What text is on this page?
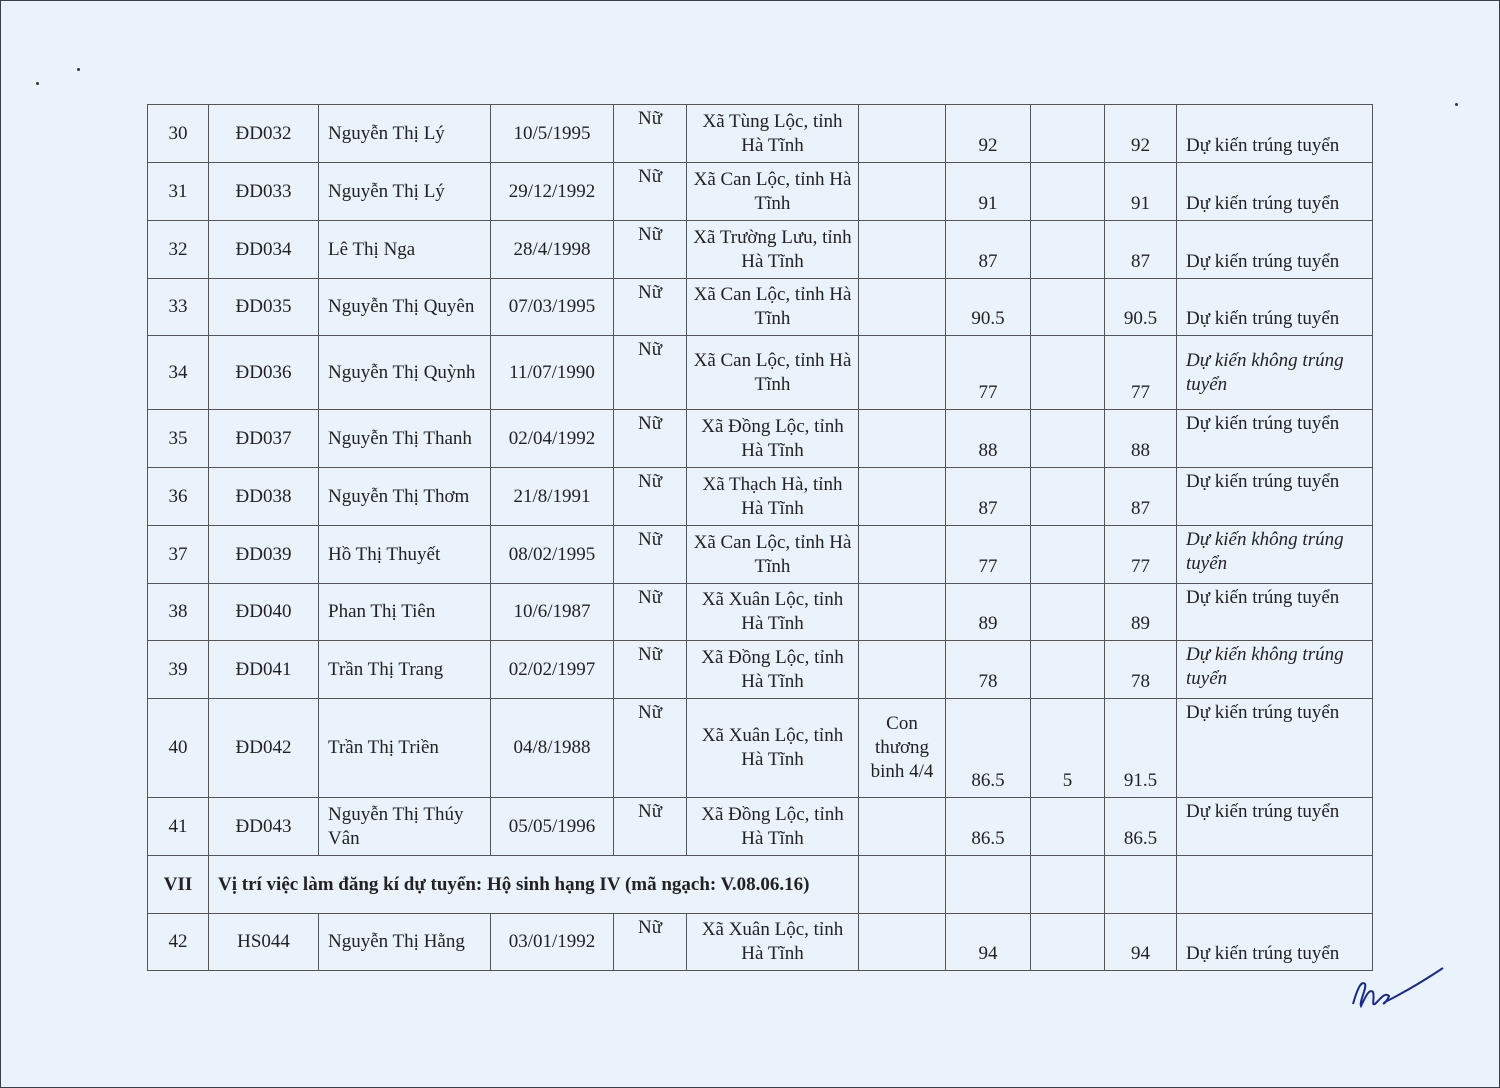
30	ĐD032	Nguyễn Thị Lý	10/5/1995	Nữ	Xã Tùng Lộc, tỉnh Hà Tĩnh		92		92	Dự kiến trúng tuyển
31	ĐD033	Nguyễn Thị Lý	29/12/1992	Nữ	Xã Can Lộc, tỉnh Hà Tĩnh		91		91	Dự kiến trúng tuyển
32	ĐD034	Lê Thị Nga	28/4/1998	Nữ	Xã Trường Lưu, tỉnh Hà Tĩnh		87		87	Dự kiến trúng tuyển
33	ĐD035	Nguyễn Thị Quyên	07/03/1995	Nữ	Xã Can Lộc, tỉnh Hà Tĩnh		90.5		90.5	Dự kiến trúng tuyển
34	ĐD036	Nguyễn Thị Quỳnh	11/07/1990	Nữ	Xã Can Lộc, tỉnh Hà Tĩnh		77		77	Dự kiến không trúng tuyển
35	ĐD037	Nguyễn Thị Thanh	02/04/1992	Nữ	Xã Đồng Lộc, tỉnh Hà Tĩnh		88		88	Dự kiến trúng tuyển
36	ĐD038	Nguyễn Thị Thơm	21/8/1991	Nữ	Xã Thạch Hà, tỉnh Hà Tĩnh		87		87	Dự kiến trúng tuyển
37	ĐD039	Hồ Thị Thuyết	08/02/1995	Nữ	Xã Can Lộc, tỉnh Hà Tĩnh		77		77	Dự kiến không trúng tuyển
38	ĐD040	Phan Thị Tiên	10/6/1987	Nữ	Xã Xuân Lộc, tỉnh Hà Tĩnh		89		89	Dự kiến trúng tuyển
39	ĐD041	Trần Thị Trang	02/02/1997	Nữ	Xã Đồng Lộc, tỉnh Hà Tĩnh		78		78	Dự kiến không trúng tuyển
40	ĐD042	Trần Thị Triền	04/8/1988	Nữ	Xã Xuân Lộc, tỉnh Hà Tĩnh	Con thương binh 4/4	86.5	5	91.5	Dự kiến trúng tuyển
41	ĐD043	Nguyễn Thị Thúy Vân	05/05/1996	Nữ	Xã Đồng Lộc, tỉnh Hà Tĩnh		86.5		86.5	Dự kiến trúng tuyển
VII	Vị trí việc làm đăng kí dự tuyển: Hộ sinh hạng IV (mã ngạch: V.08.06.16)									
42	HS044	Nguyễn Thị Hằng	03/01/1992	Nữ	Xã Xuân Lộc, tỉnh Hà Tĩnh		94		94	Dự kiến trúng tuyển
